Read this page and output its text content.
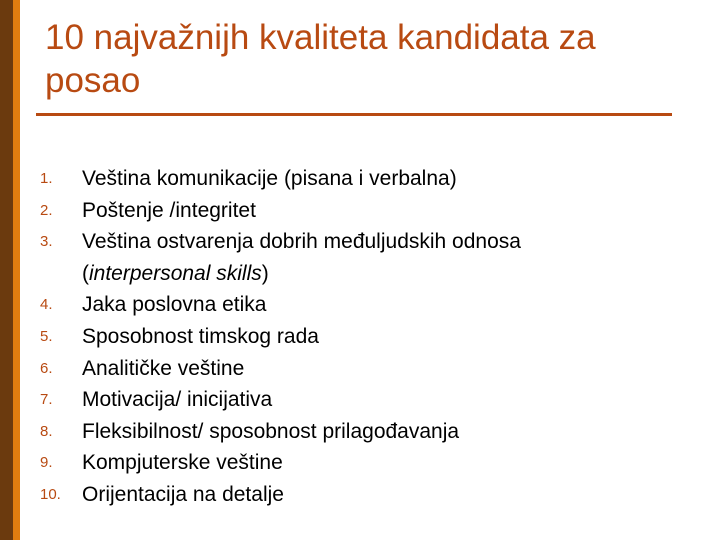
10 najvažnijh kvaliteta kandidata za posao
1.	Veština komunikacije (pisana i verbalna)
2.	Poštenje /integritet
3.	Veština ostvarenja dobrih međuljudskih odnosa
(interpersonal skills)
4.	Jaka poslovna etika
5.	Sposobnost timskog rada
6.	Analitičke veštine
7.	Motivacija/ inicijativa
8.	Fleksibilnost/ sposobnost prilagođavanja
9.	Kompjuterske veštine
10.	Orijentacija na detalje
